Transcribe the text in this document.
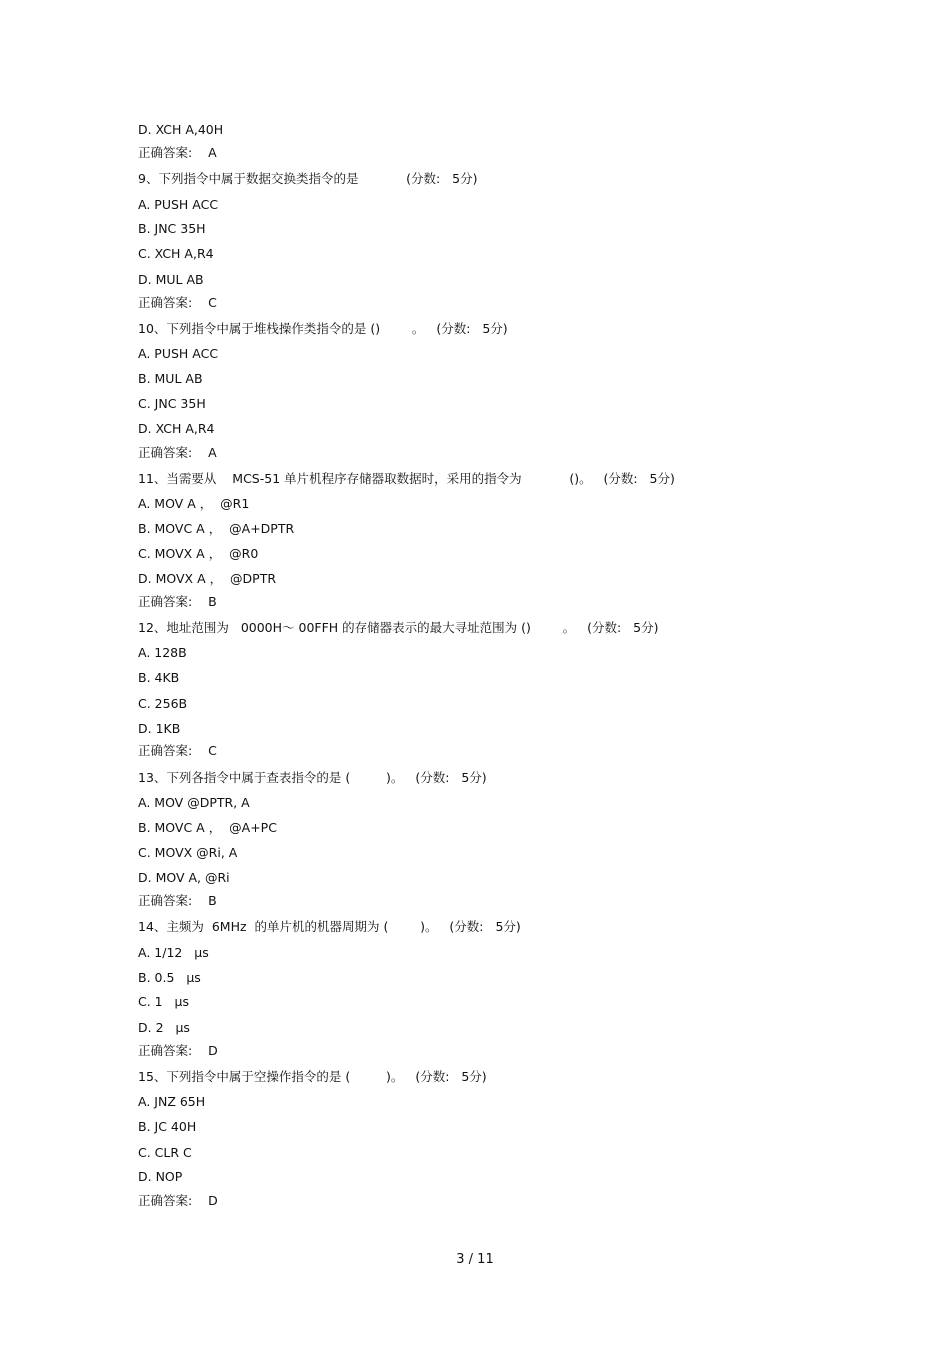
D. XCH A,40H
正确答案:    A
9、下列指令中属于数据交换类指令的是            (分数:   5分)
A. PUSH ACC
B. JNC 35H
C. XCH A,R4
D. MUL AB
正确答案:    C
10、下列指令中属于堆栈操作类指令的是 ()        。   (分数:   5分)
A. PUSH ACC
B. MUL AB
C. JNC 35H
D. XCH A,R4
正确答案:    A
11、当需要从    MCS-51 单片机程序存储器取数据时，采用的指令为            ()。   (分数:   5分)
A. MOV A ，  @R1
B. MOVC A ，  @A+DPTR
C. MOVX A ，  @R0
D. MOVX A ，  @DPTR
正确答案:    B
12、地址范围为   0000H～ 00FFH 的存储器表示的最大寻址范围为 ()        。   (分数:   5分)
A. 128B
B. 4KB
C. 256B
D. 1KB
正确答案:    C
13、下列各指令中属于查表指令的是 (         )。   (分数:   5分)
A. MOV @DPTR, A
B. MOVC A ，  @A+PC
C. MOVX @Ri, A
D. MOV A, @Ri
正确答案:    B
14、主频为  6MHz  的单片机的机器周期为 (        )。   (分数:   5分)
A. 1/12   μs
B. 0.5   μs
C. 1   μs
D. 2   μs
正确答案:    D
15、下列指令中属于空操作指令的是 (         )。   (分数:   5分)
A. JNZ 65H
B. JC 40H
C. CLR C
D. NOP
正确答案:    D
3 / 11
